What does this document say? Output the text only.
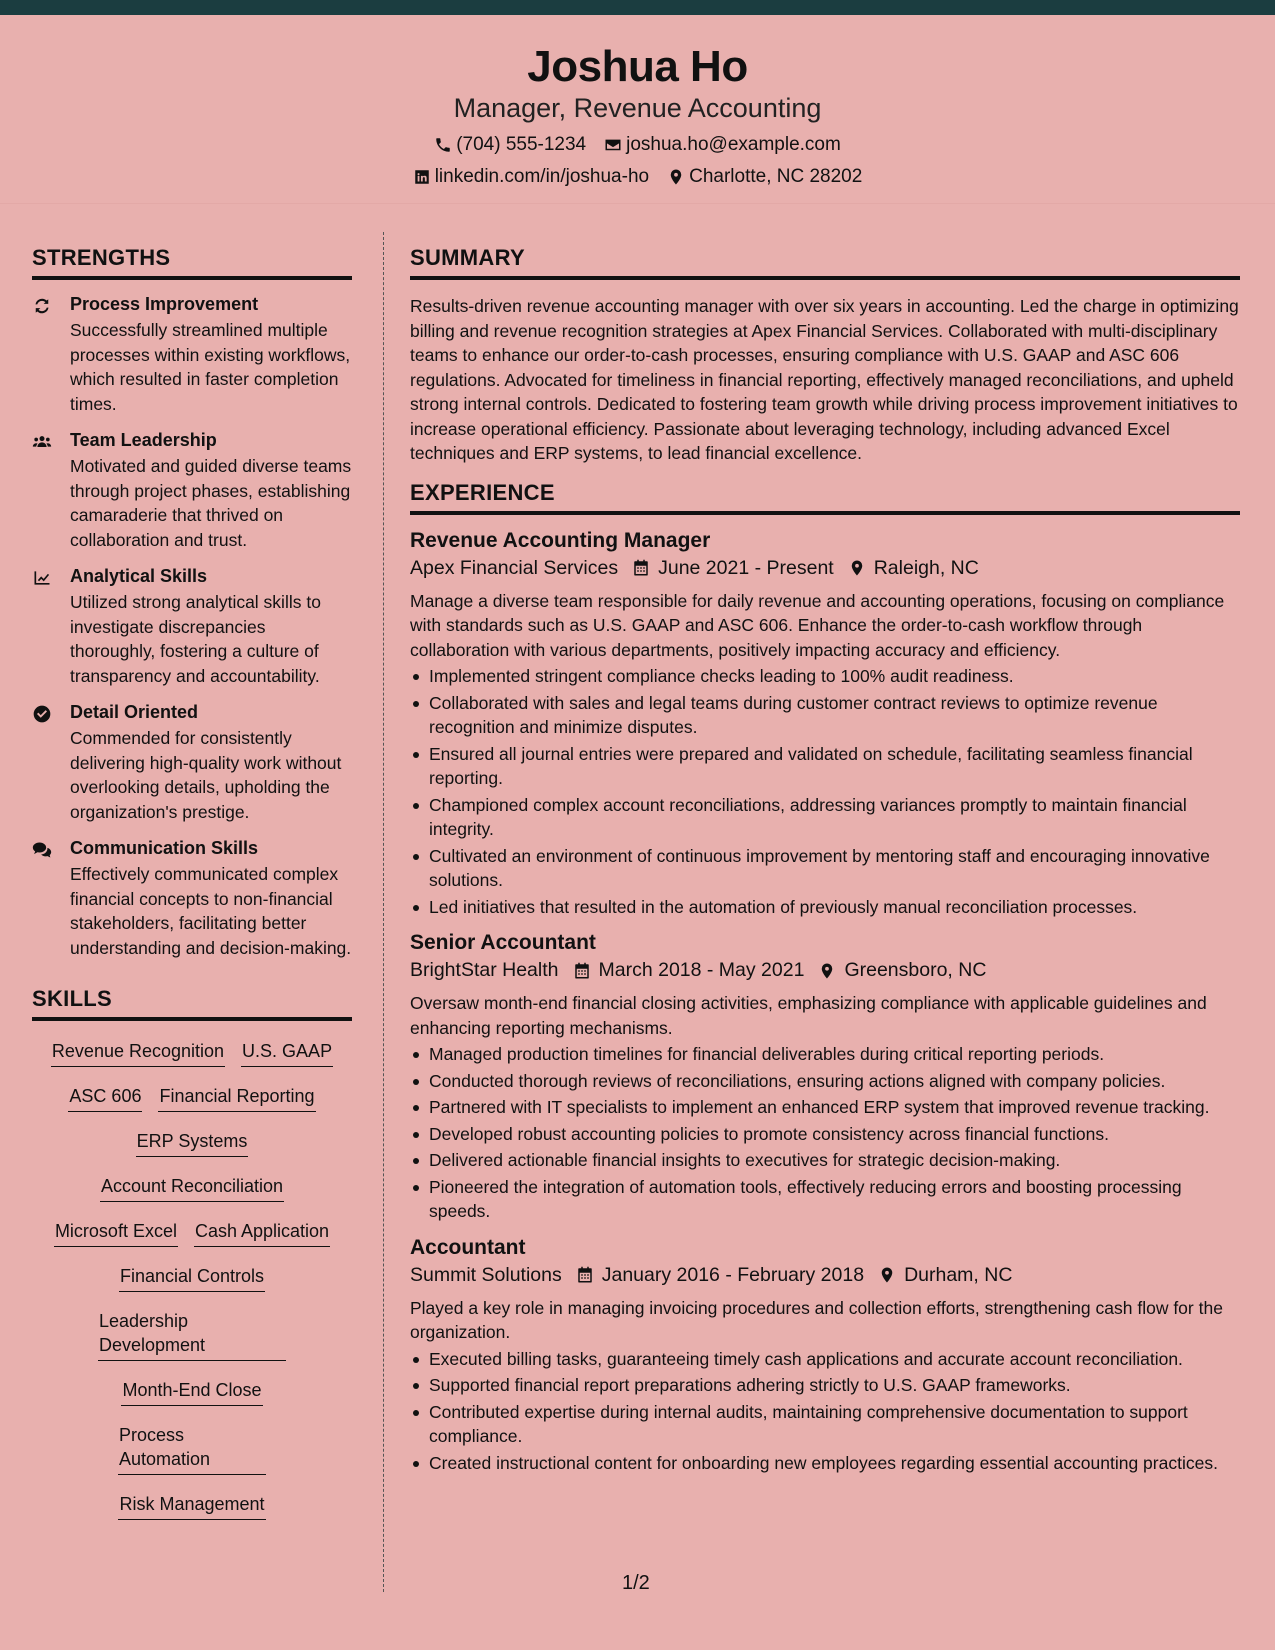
Joshua Ho
Manager, Revenue Accounting
(704) 555-1234 joshua.ho@example.com
linkedin.com/in/joshua-ho Charlotte, NC 28202
STRENGTHS
Process Improvement
Successfully streamlined multiple processes within existing workflows, which resulted in faster completion times.
Team Leadership
Motivated and guided diverse teams through project phases, establishing camaraderie that thrived on collaboration and trust.
Analytical Skills
Utilized strong analytical skills to investigate discrepancies thoroughly, fostering a culture of transparency and accountability.
Detail Oriented
Commended for consistently delivering high-quality work without overlooking details, upholding the organization's prestige.
Communication Skills
Effectively communicated complex financial concepts to non-financial stakeholders, facilitating better understanding and decision-making.
SKILLS
Revenue Recognition U.S. GAAP
ASC 606 Financial Reporting
ERP Systems
Account Reconciliation
Microsoft Excel Cash Application
Financial Controls
Leadership Development
Month-End Close
Process Automation
Risk Management
SUMMARY
Results-driven revenue accounting manager with over six years in accounting. Led the charge in optimizing billing and revenue recognition strategies at Apex Financial Services. Collaborated with multi-disciplinary teams to enhance our order-to-cash processes, ensuring compliance with U.S. GAAP and ASC 606 regulations. Advocated for timeliness in financial reporting, effectively managed reconciliations, and upheld strong internal controls. Dedicated to fostering team growth while driving process improvement initiatives to increase operational efficiency. Passionate about leveraging technology, including advanced Excel techniques and ERP systems, to lead financial excellence.
EXPERIENCE
Revenue Accounting Manager
Apex Financial Services June 2021 - Present Raleigh, NC
Manage a diverse team responsible for daily revenue and accounting operations, focusing on compliance with standards such as U.S. GAAP and ASC 606. Enhance the order-to-cash workflow through collaboration with various departments, positively impacting accuracy and efficiency.
Implemented stringent compliance checks leading to 100% audit readiness.
Collaborated with sales and legal teams during customer contract reviews to optimize revenue recognition and minimize disputes.
Ensured all journal entries were prepared and validated on schedule, facilitating seamless financial reporting.
Championed complex account reconciliations, addressing variances promptly to maintain financial integrity.
Cultivated an environment of continuous improvement by mentoring staff and encouraging innovative solutions.
Led initiatives that resulted in the automation of previously manual reconciliation processes.
Senior Accountant
BrightStar Health March 2018 - May 2021 Greensboro, NC
Oversaw month-end financial closing activities, emphasizing compliance with applicable guidelines and enhancing reporting mechanisms.
Managed production timelines for financial deliverables during critical reporting periods.
Conducted thorough reviews of reconciliations, ensuring actions aligned with company policies.
Partnered with IT specialists to implement an enhanced ERP system that improved revenue tracking.
Developed robust accounting policies to promote consistency across financial functions.
Delivered actionable financial insights to executives for strategic decision-making.
Pioneered the integration of automation tools, effectively reducing errors and boosting processing speeds.
Accountant
Summit Solutions January 2016 - February 2018 Durham, NC
Played a key role in managing invoicing procedures and collection efforts, strengthening cash flow for the organization.
Executed billing tasks, guaranteeing timely cash applications and accurate account reconciliation.
Supported financial report preparations adhering strictly to U.S. GAAP frameworks.
Contributed expertise during internal audits, maintaining comprehensive documentation to support compliance.
Created instructional content for onboarding new employees regarding essential accounting practices.
1/2
